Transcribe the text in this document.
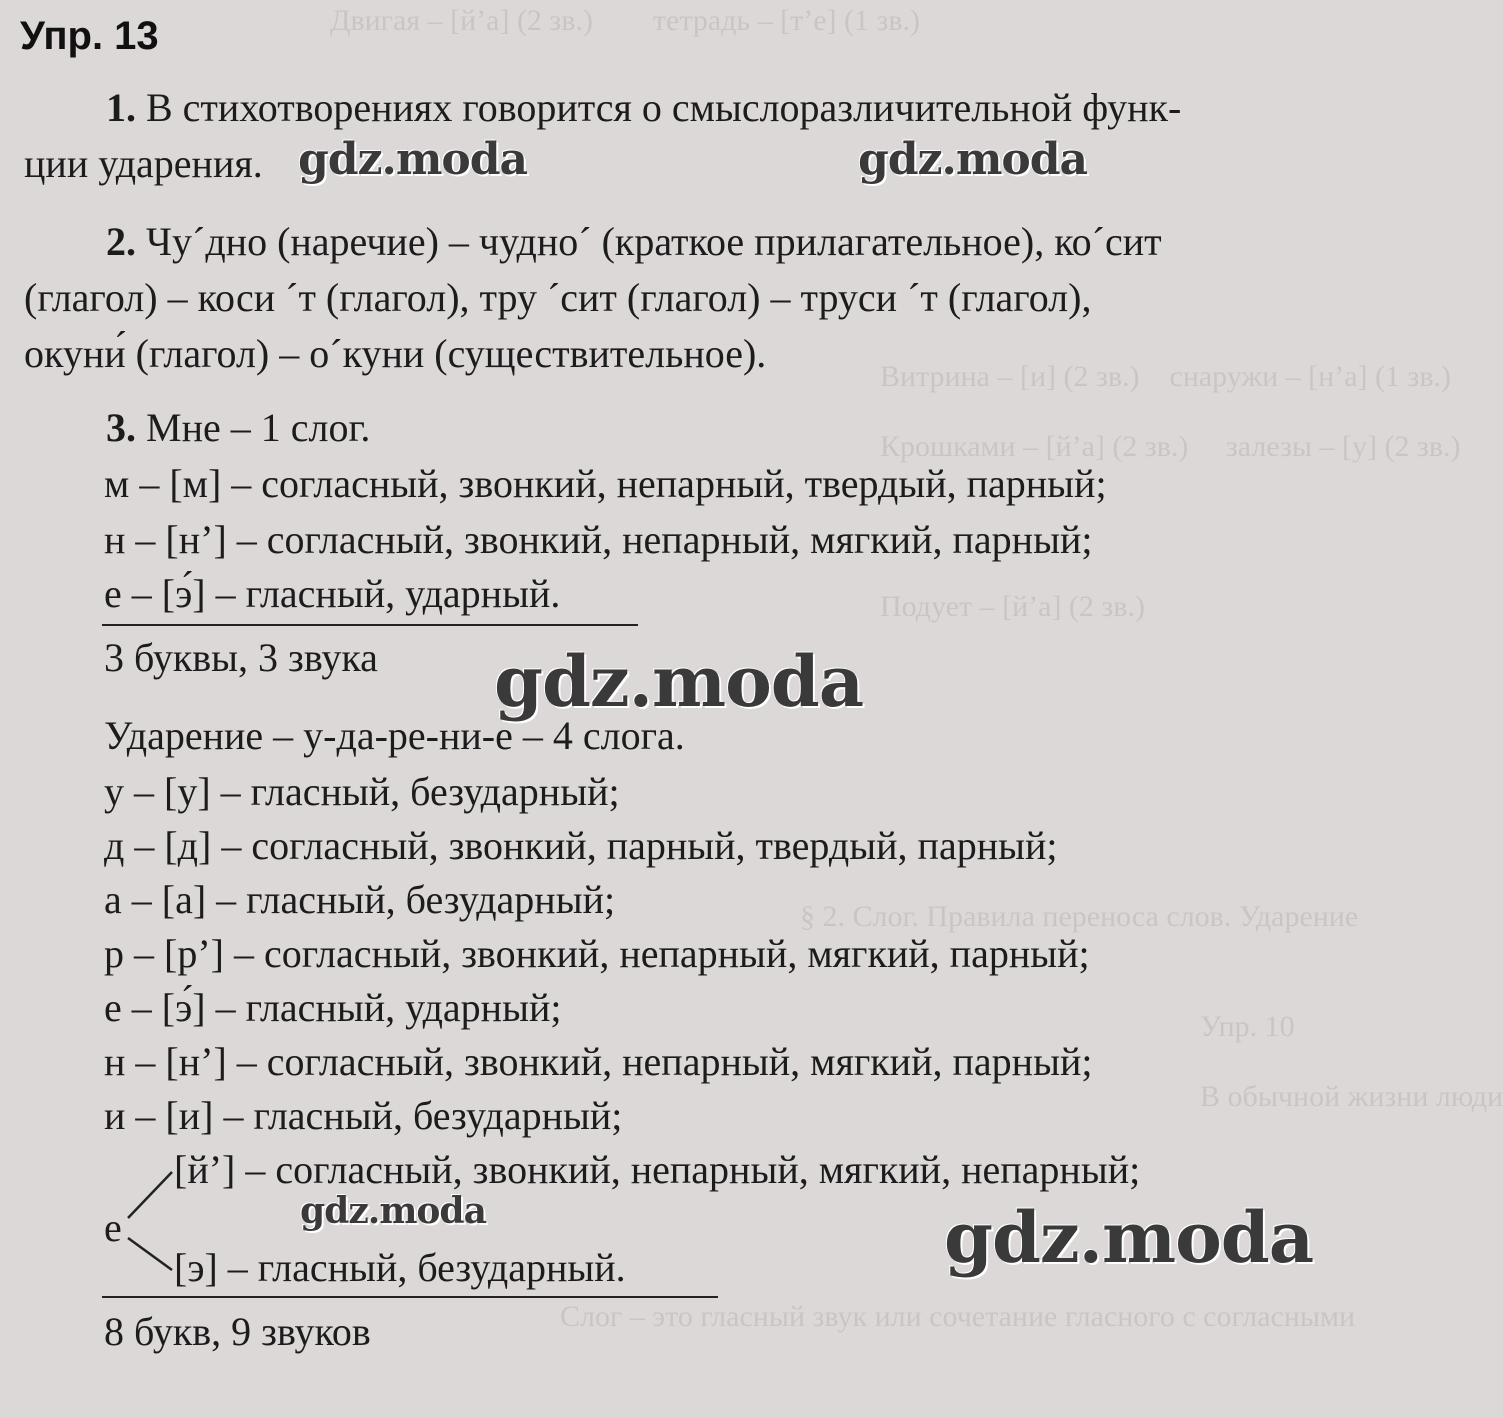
Двигая – [й’а] (2 зв.)        тетрадь – [т’е] (1 зв.)
Витрина – [и] (2 зв.)    снаружи – [н’а] (1 зв.)
Крошками – [й’а] (2 зв.)     залезы – [у] (2 зв.)
Подует – [й’а] (2 зв.)
§ 2. Слог. Правила переноса слов. Ударение
Упр. 10
В обычной жизни люди
Слог – это гласный звук или сочетание гласного с согласными
Упр. 13
1. В стихотворениях говорится о смыслоразличительной функ-
ции ударения.
2. Чу´дно (наречие) – чудно´ (краткое прилагательное), ко´сит
(глагол) – коси ´т (глагол), тру ´сит (глагол) – труси ´т (глагол),
окуни́ (глагол) – о´куни (существительное).
3. Мне – 1 слог.
м – [м] – согласный, звонкий, непарный, твердый, парный;
н – [н’] – согласный, звонкий, непарный, мягкий, парный;
е – [э́] – гласный, ударный.
3 буквы, 3 звука
Ударение – у-да-ре-ни-е – 4 слога.
у – [у] – гласный, безударный;
д – [д] – согласный, звонкий, парный, твердый, парный;
а – [а] – гласный, безударный;
р – [р’] – согласный, звонкий, непарный, мягкий, парный;
е – [э́] – гласный, ударный;
н – [н’] – согласный, звонкий, непарный, мягкий, парный;
и – [и] – гласный, безударный;
[й’] – согласный, звонкий, непарный, мягкий, непарный;
е
[э] – гласный, безударный.
8 букв, 9 звуков
gdz.moda	gdz.moda
gdz.moda
gdz.moda	gdz.moda
